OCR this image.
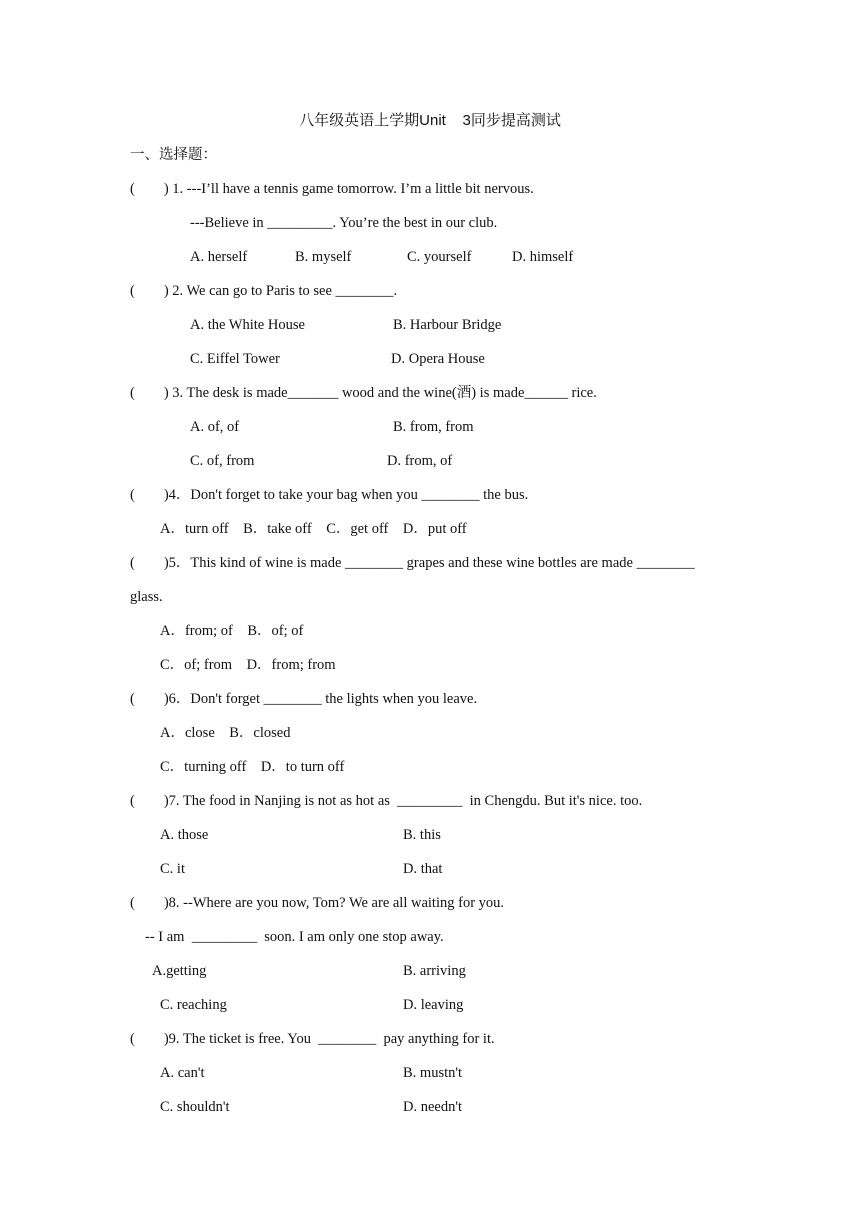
八年级英语上学期Unit 3同步提高测试
一、选择题：
(        ) 1. ---I’ll have a tennis game tomorrow. I’m a little bit nervous.
---Believe in _________. You’re the best in our club.
A. herself	B. myself	C. yourself	D. himself
(        ) 2. We can go to Paris to see ________.
A. the White House	B. Harbour Bridge
C. Eiffel Tower	D. Opera House
(        ) 3. The desk is made_______ wood and the wine(酒) is made______ rice.
A. of, of	B. from, from
C. of, from	D. from, of
(        )4．Don't forget to take your bag when you ________ the bus.
A．turn off    B．take off    C．get off    D．put off
(        )5．This kind of wine is made ________ grapes and these wine bottles are made ________
glass.
A．from; of    B．of; of
C．of; from    D．from; from
(        )6．Don't forget ________ the lights when you leave.
A．close    B．closed
C．turning off    D．to turn off
(        )7. The food in Nanjing is not as hot as  _________  in Chengdu. But it's nice. too.
A. those	B. this
C. it	D. that
(        )8. --Where are you now, Tom? We are all waiting for you.
-- I am  _________  soon. I am only one stop away.
A.getting	B. arriving
C. reaching	D. leaving
(        )9. The ticket is free. You  ________  pay anything for it.
A. can't	B. mustn't
C. shouldn't	D. needn't
